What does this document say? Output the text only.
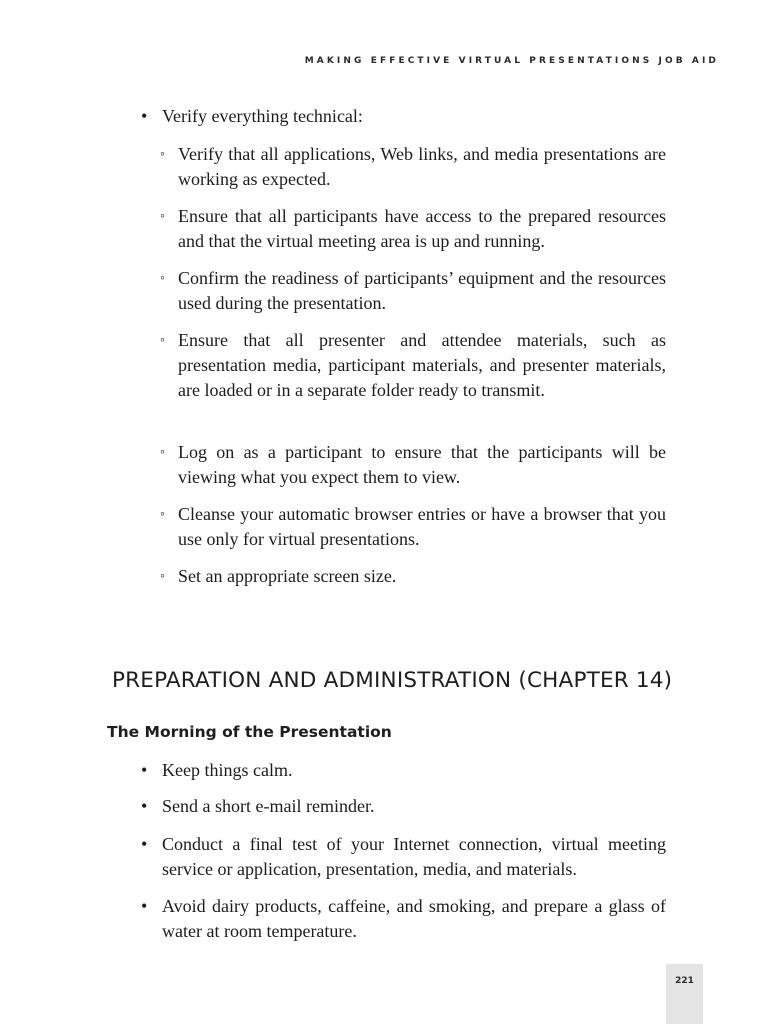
MAKING EFFECTIVE VIRTUAL PRESENTATIONS JOB AID
• Verify everything technical:
◦ Verify that all applications, Web links, and media presentations are working as expected.
◦ Ensure that all participants have access to the prepared resources and that the virtual meeting area is up and running.
◦ Confirm the readiness of participants’ equipment and the resources used during the presentation.
◦ Ensure that all presenter and attendee materials, such as presentation media, participant materials, and presenter materials, are loaded or in a separate folder ready to transmit.
◦ Log on as a participant to ensure that the participants will be viewing what you expect them to view.
◦ Cleanse your automatic browser entries or have a browser that you use only for virtual presentations.
◦ Set an appropriate screen size.
PREPARATION AND ADMINISTRATION (CHAPTER 14)
The Morning of the Presentation
• Keep things calm.
• Send a short e-mail reminder.
• Conduct a final test of your Internet connection, virtual meeting service or application, presentation, media, and materials.
• Avoid dairy products, caffeine, and smoking, and prepare a glass of water at room temperature.
221
